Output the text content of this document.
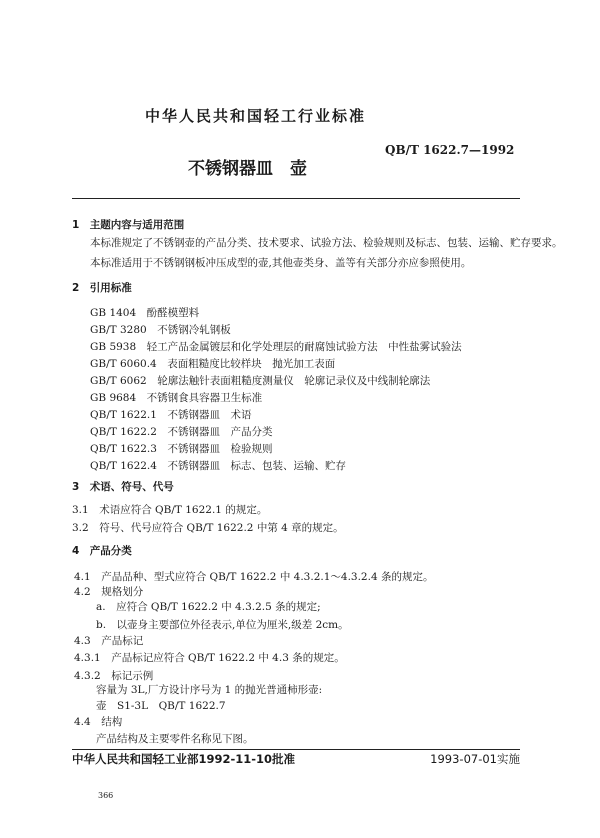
中华人民共和国轻工行业标准
QB/T 1622.7—1992
不锈钢器皿　壶
1　主题内容与适用范围
本标准规定了不锈钢壶的产品分类、技术要求、试验方法、检验规则及标志、包装、运输、贮存要求。
本标准适用于不锈钢钢板冲压成型的壶,其他壶类身、盖等有关部分亦应参照使用。
2　引用标准
GB 1404　酚醛模塑料
GB/T 3280　不锈钢冷轧钢板
GB 5938　轻工产品金属镀层和化学处理层的耐腐蚀试验方法　中性盐雾试验法
GB/T 6060.4　表面粗糙度比较样块　抛光加工表面
GB/T 6062　轮廓法触针表面粗糙度测量仪　轮廓记录仪及中线制轮廓法
GB 9684　不锈钢食具容器卫生标准
QB/T 1622.1　不锈钢器皿　术语
QB/T 1622.2　不锈钢器皿　产品分类
QB/T 1622.3　不锈钢器皿　检验规则
QB/T 1622.4　不锈钢器皿　标志、包装、运输、贮存
3　术语、符号、代号
3.1　术语应符合 QB/T 1622.1 的规定。
3.2　符号、代号应符合 QB/T 1622.2 中第 4 章的规定。
4　产品分类
4.1　产品品种、型式应符合 QB/T 1622.2 中 4.3.2.1～4.3.2.4 条的规定。
4.2　规格划分
a.　应符合 QB/T 1622.2 中 4.3.2.5 条的规定;
b.　以壶身主要部位外径表示,单位为厘米,级差 2cm。
4.3　产品标记
4.3.1　产品标记应符合 QB/T 1622.2 中 4.3 条的规定。
4.3.2　标记示例
容量为 3L,厂方设计序号为 1 的抛光普通柿形壶:
壶　S1-3L　QB/T 1622.7
4.4　结构
产品结构及主要零件名称见下图。
中华人民共和国轻工业部1992-11-10批准	1993-07-01实施
366
